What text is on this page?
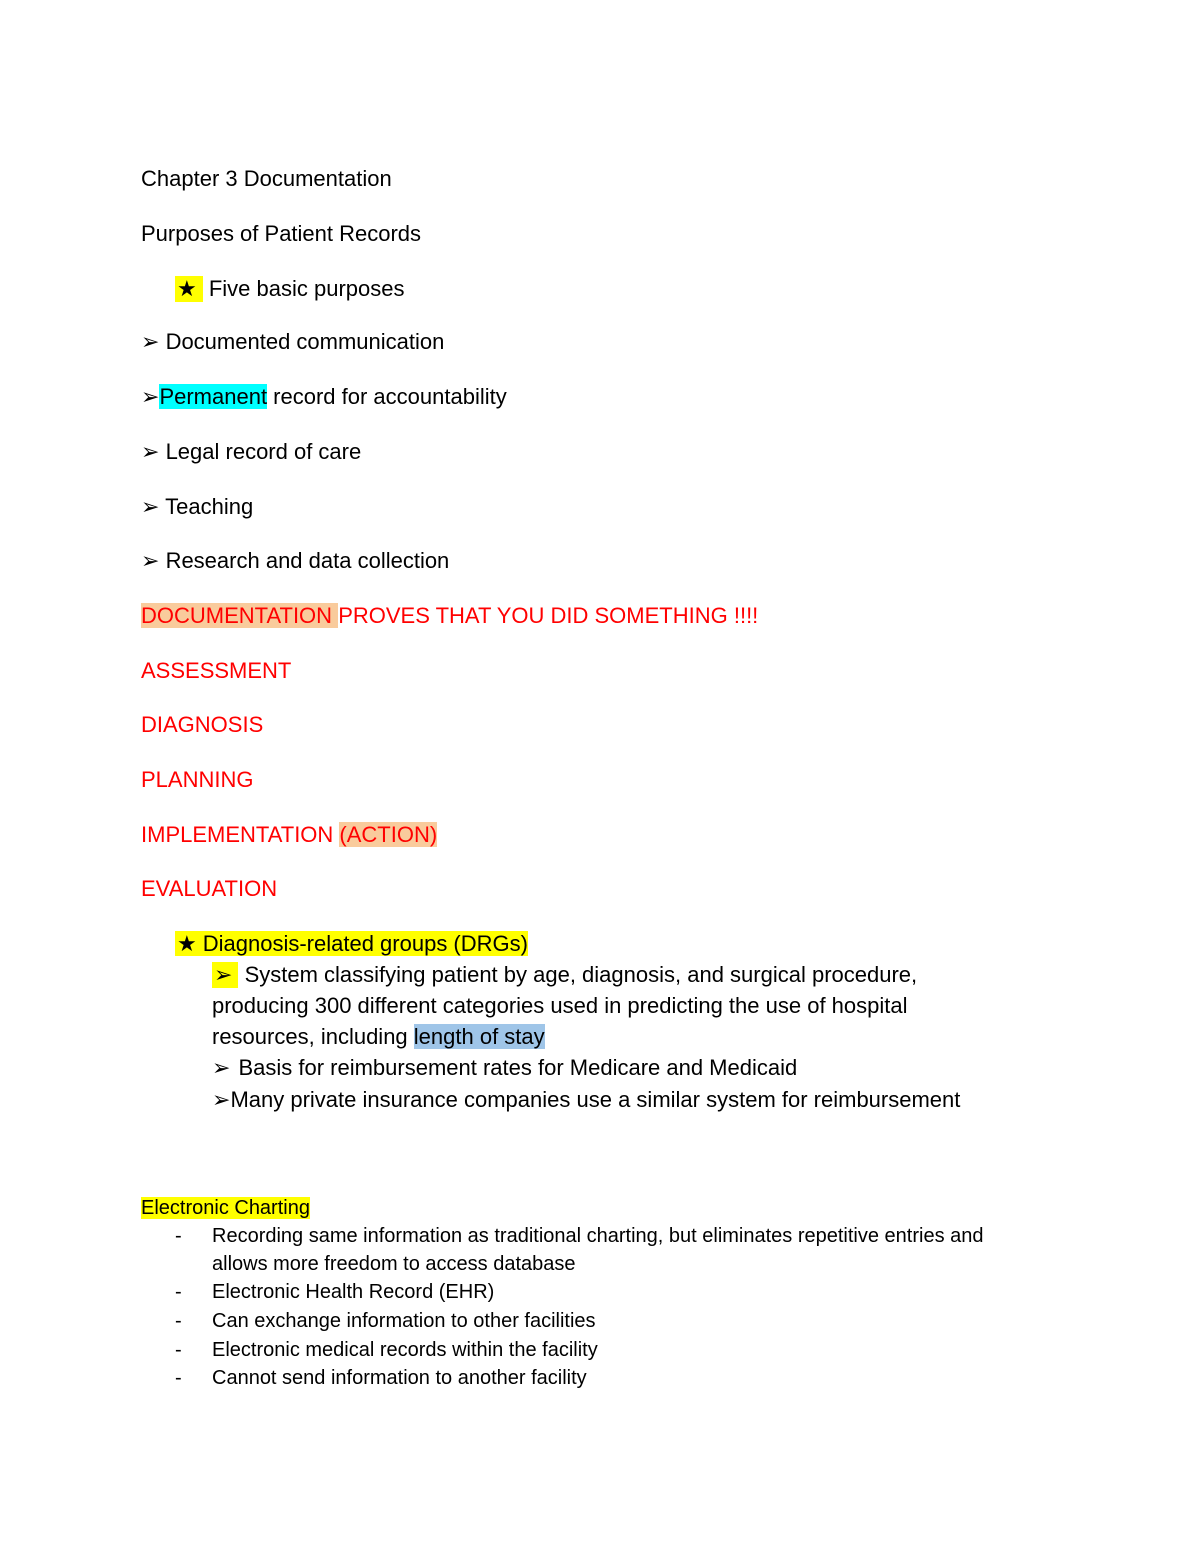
Chapter 3 Documentation
Purposes of Patient Records
★ Five basic purposes
➢ Documented communication
➢Permanent record for accountability
➢ Legal record of care
➢ Teaching
➢ Research and data collection
DOCUMENTATION PROVES THAT YOU DID SOMETHING !!!!
ASSESSMENT
DIAGNOSIS
PLANNING
IMPLEMENTATION (ACTION)
EVALUATION
★ Diagnosis-related groups (DRGs)
➢ System classifying patient by age, diagnosis, and surgical procedure,
producing 300 different categories used in predicting the use of hospital
resources, including length of stay
➢ Basis for reimbursement rates for Medicare and Medicaid
➢Many private insurance companies use a similar system for reimbursement
Electronic Charting
- Recording same information as traditional charting, but eliminates repetitive entries and
allows more freedom to access database
- Electronic Health Record (EHR)
- Can exchange information to other facilities
- Electronic medical records within the facility
- Cannot send information to another facility
